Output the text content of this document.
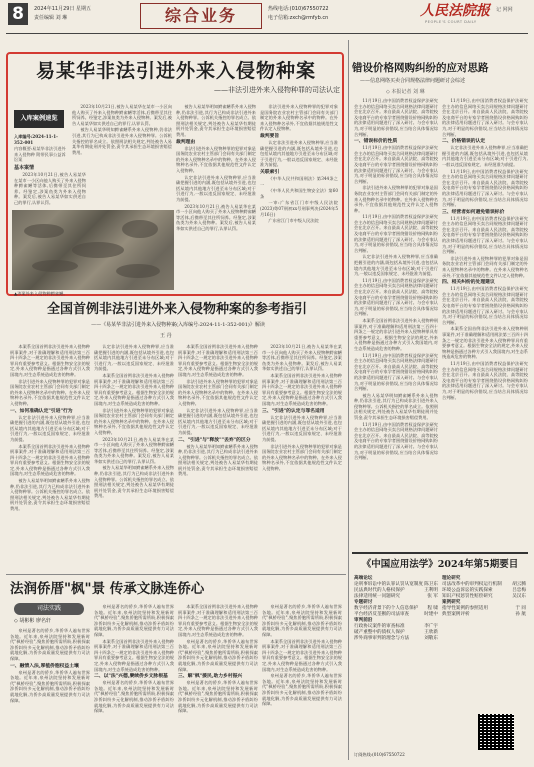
8	2024年11月29日 星期五
责任编辑 刘 琳	综合业务	热线电话:(010)67550722
电子信箱:zxch@rmfyb.cn	人民法院报 记 网网
PEOPLE'S COURT DAILY
易某华非法引进外来入侵物种案
——非法引进外来入侵物种罪的司法认定
入库案例速览
入库编号:2024-11-1-352-001
内容概要:易某华非法引进外来入侵物种 附带民事公益诉讼案
基本案情

2023年10月21日,被告人易某华在某市一小区向他人购买了外来入侵物种鳄雀鳝等活体,后携带至其住所饲养。经鉴定,涉案鱼类为外来入侵物种。案发后,被告人易某华如实供述自己的罪行,认罪认罚。

2023年10月21日,被告人易某华在某市一小区向他人购买了外来入侵物种鳄雀鳝等活体,后携带至其住所饲养。经鉴定,涉案鱼类为外来入侵物种。案发后,被告人易某华如实供述自己的罪行,认罪认罚。

被告人易某华明知鳄雀鳝系外来入侵物种,仍非法引进,其行为已构成非法引进外来入侵物种罪。公诉机关指控的罪名成立。依照刑法相关规定,判处被告人易某华有期徒刑并处罚金,责令其承担生态环境损害赔偿费用。

被告人易某华明知鳄雀鳝系外来入侵物种,仍非法引进,其行为已构成非法引进外来入侵物种罪。公诉机关指控的罪名成立。依照刑法相关规定,判处被告人易某华有期徒刑并处罚金,责令其承担生态环境损害赔偿费用。

裁判理由

非法引进外来入侵物种罪的犯罪对象是国务院农业农村主管部门会同有关部门制定的外来入侵物种名录中的物种。在外来入侵物种名录外,不宜依据其他规范性文件认定入侵物种。

认定非法引进外来入侵物种罪,应当准确把握引进的内涵,既包括从境外引进,也包括从境内其他地方引进至未分布区域;对于引进行为,一般以违反国家规定、未经批准为前提。

2023年10月21日,被告人易某华在某市一小区向他人购买了外来入侵物种鳄雀鳝等活体,后携带至其住所饲养。经鉴定,涉案鱼类为外来入侵物种。案发后,被告人易某华如实供述自己的罪行,认罪认罚。

非法引进外来入侵物种罪的犯罪对象是国务院农业农村主管部门会同有关部门制定的外来入侵物种名录中的物种。在外来入侵物种名录外,不宜依据其他规范性文件认定入侵物种。

裁判要旨

认定非法引进外来入侵物种罪,应当准确把握引进的内涵,既包括从境外引进,也包括从境内其他地方引进至未分布区域;对于引进行为,一般以违反国家规定、未经批准为前提。

关联索引

《中华人民共和国刑法》第344条之一

《中华人民共和国生物安全法》第60条

一审:广东省江门市中级人民法院(2023)粤07刑初xx号刑事判决(2024年5月16日)

广东省江门市中级人民法院

▲涉案外来入侵物种鳄雀鳝。
全国首例非法引进外来入侵物种案的参考指引
——《易某华非法引进外来入侵物种案(入库编号:2024-11-1-352-001)》解读
王 丹

本案系全国首例非法引进外来入侵物种刑事案件,对于准确理解和适用刑法第三百四十四条之一规定的非法引进外来入侵物种罪具有重要参考意义。根据生物安全法的规定,外来入侵物种是指通过各种方式引入我国境内,对生态系统造成危害的物种。

非法引进外来入侵物种罪的犯罪对象是国务院农业农村主管部门会同有关部门制定的外来入侵物种名录中的物种。在外来入侵物种名录外,不宜依据其他规范性文件认定入侵物种。

一、如何准确认定"引进"行为

认定非法引进外来入侵物种罪,应当准确把握引进的内涵,既包括从境外引进,也包括从境内其他地方引进至未分布区域;对于引进行为,一般以违反国家规定、未经批准为前提。

本案系全国首例非法引进外来入侵物种刑事案件,对于准确理解和适用刑法第三百四十四条之一规定的非法引进外来入侵物种罪具有重要参考意义。根据生物安全法的规定,外来入侵物种是指通过各种方式引入我国境内,对生态系统造成危害的物种。

被告人易某华明知鳄雀鳝系外来入侵物种,仍非法引进,其行为已构成非法引进外来入侵物种罪。公诉机关指控的罪名成立。依照刑法相关规定,判处被告人易某华有期徒刑并处罚金,责令其承担生态环境损害赔偿费用。

认定非法引进外来入侵物种罪,应当准确把握引进的内涵,既包括从境外引进,也包括从境内其他地方引进至未分布区域;对于引进行为,一般以违反国家规定、未经批准为前提。

本案系全国首例非法引进外来入侵物种刑事案件,对于准确理解和适用刑法第三百四十四条之一规定的非法引进外来入侵物种罪具有重要参考意义。根据生物安全法的规定,外来入侵物种是指通过各种方式引入我国境内,对生态系统造成危害的物种。

非法引进外来入侵物种罪的犯罪对象是国务院农业农村主管部门会同有关部门制定的外来入侵物种名录中的物种。在外来入侵物种名录外,不宜依据其他规范性文件认定入侵物种。

2023年10月21日,被告人易某华在某市一小区向他人购买了外来入侵物种鳄雀鳝等活体,后携带至其住所饲养。经鉴定,涉案鱼类为外来入侵物种。案发后,被告人易某华如实供述自己的罪行,认罪认罚。

被告人易某华明知鳄雀鳝系外来入侵物种,仍非法引进,其行为已构成非法引进外来入侵物种罪。公诉机关指控的罪名成立。依照刑法相关规定,判处被告人易某华有期徒刑并处罚金,责令其承担生态环境损害赔偿费用。

本案系全国首例非法引进外来入侵物种刑事案件,对于准确理解和适用刑法第三百四十四条之一规定的非法引进外来入侵物种罪具有重要参考意义。根据生物安全法的规定,外来入侵物种是指通过各种方式引入我国境内,对生态系统造成危害的物种。

非法引进外来入侵物种罪的犯罪对象是国务院农业农村主管部门会同有关部门制定的外来入侵物种名录中的物种。在外来入侵物种名录外,不宜依据其他规范性文件认定入侵物种。

认定非法引进外来入侵物种罪,应当准确把握引进的内涵,既包括从境外引进,也包括从境内其他地方引进至未分布区域;对于引进行为,一般以违反国家规定、未经批准为前提。

二、"引进"与"释放""丢弃"的区分

被告人易某华明知鳄雀鳝系外来入侵物种,仍非法引进,其行为已构成非法引进外来入侵物种罪。公诉机关指控的罪名成立。依照刑法相关规定,判处被告人易某华有期徒刑并处罚金,责令其承担生态环境损害赔偿费用。

2023年10月21日,被告人易某华在某市一小区向他人购买了外来入侵物种鳄雀鳝等活体,后携带至其住所饲养。经鉴定,涉案鱼类为外来入侵物种。案发后,被告人易某华如实供述自己的罪行,认罪认罚。

本案系全国首例非法引进外来入侵物种刑事案件,对于准确理解和适用刑法第三百四十四条之一规定的非法引进外来入侵物种罪具有重要参考意义。根据生物安全法的规定,外来入侵物种是指通过各种方式引入我国境内,对生态系统造成危害的物种。

三、"引进"的认定与罪名适用

认定非法引进外来入侵物种罪,应当准确把握引进的内涵,既包括从境外引进,也包括从境内其他地方引进至未分布区域;对于引进行为,一般以违反国家规定、未经批准为前提。

非法引进外来入侵物种罪的犯罪对象是国务院农业农村主管部门会同有关部门制定的外来入侵物种名录中的物种。在外来入侵物种名录外,不宜依据其他规范性文件认定入侵物种。

法润侨厝"枫"景 传承文脉连侨心
司法实践
◇ 胡彬彬 廖名轩

泉州是著名的侨乡,华侨华人遍布世界各地。近年来,泉州法院坚持和发展新时代"枫桥经验",聚焦侨胞所需所盼,积极探索涉侨纠纷多元化解机制,推动涉侨矛盾纠纷就地化解,为侨乡高质量发展提供有力司法保障。

一、融情入法,厚植侨胞权益土壤

泉州是著名的侨乡,华侨华人遍布世界各地。近年来,泉州法院坚持和发展新时代"枫桥经验",聚焦侨胞所需所盼,积极探索涉侨纠纷多元化解机制,推动涉侨矛盾纠纷就地化解,为侨乡高质量发展提供有力司法保障。

泉州是著名的侨乡,华侨华人遍布世界各地。近年来,泉州法院坚持和发展新时代"枫桥经验",聚焦侨胞所需所盼,积极探索涉侨纠纷多元化解机制,推动涉侨矛盾纠纷就地化解,为侨乡高质量发展提供有力司法保障。

本案系全国首例非法引进外来入侵物种刑事案件,对于准确理解和适用刑法第三百四十四条之一规定的非法引进外来入侵物种罪具有重要参考意义。根据生物安全法的规定,外来入侵物种是指通过各种方式引入我国境内,对生态系统造成危害的物种。

二、以"法"兴德,赓续侨乡文脉根基

泉州是著名的侨乡,华侨华人遍布世界各地。近年来,泉州法院坚持和发展新时代"枫桥经验",聚焦侨胞所需所盼,积极探索涉侨纠纷多元化解机制,推动涉侨矛盾纠纷就地化解,为侨乡高质量发展提供有力司法保障。

本案系全国首例非法引进外来入侵物种刑事案件,对于准确理解和适用刑法第三百四十四条之一规定的非法引进外来入侵物种罪具有重要参考意义。根据生物安全法的规定,外来入侵物种是指通过各种方式引入我国境内,对生态系统造成危害的物种。

泉州是著名的侨乡,华侨华人遍布世界各地。近年来,泉州法院坚持和发展新时代"枫桥经验",聚焦侨胞所需所盼,积极探索涉侨纠纷多元化解机制,推动涉侨矛盾纠纷就地化解,为侨乡高质量发展提供有力司法保障。

三、解"枫"援民,助力乡村振兴

泉州是著名的侨乡,华侨华人遍布世界各地。近年来,泉州法院坚持和发展新时代"枫桥经验",聚焦侨胞所需所盼,积极探索涉侨纠纷多元化解机制,推动涉侨矛盾纠纷就地化解,为侨乡高质量发展提供有力司法保障。

泉州是著名的侨乡,华侨华人遍布世界各地。近年来,泉州法院坚持和发展新时代"枫桥经验",聚焦侨胞所需所盼,积极探索涉侨纠纷多元化解机制,推动涉侨矛盾纠纷就地化解,为侨乡高质量发展提供有力司法保障。

本案系全国首例非法引进外来入侵物种刑事案件,对于准确理解和适用刑法第三百四十四条之一规定的非法引进外来入侵物种罪具有重要参考意义。根据生物安全法的规定,外来入侵物种是指通过各种方式引入我国境内,对生态系统造成危害的物种。

泉州是著名的侨乡,华侨华人遍布世界各地。近年来,泉州法院坚持和发展新时代"枫桥经验",聚焦侨胞所需所盼,积极探索涉侨纠纷多元化解机制,推动涉侨矛盾纠纷就地化解,为侨乡高质量发展提供有力司法保障。

错设价格网购纠纷的应对思路
——信息网络买卖合同规格法律问题研讨会综述
◇ 本报记者 刘 琳

11月19日,由中国消费者权益保护法研究会主办的信息网络买卖合同规格法律问题研讨会在北京召开。来自最高人民法院、高等院校及电商平台的专家学者围绕错设价格网购纠纷的法律适用问题进行了深入研讨。与会专家认为,对于明显的标价错误,应当结合具体情况综合判断。

一、错误标价的性质

11月19日,由中国消费者权益保护法研究会主办的信息网络买卖合同规格法律问题研讨会在北京召开。来自最高人民法院、高等院校及电商平台的专家学者围绕错设价格网购纠纷的法律适用问题进行了深入研讨。与会专家认为,对于明显的标价错误,应当结合具体情况综合判断。

非法引进外来入侵物种罪的犯罪对象是国务院农业农村主管部门会同有关部门制定的外来入侵物种名录中的物种。在外来入侵物种名录外,不宜依据其他规范性文件认定入侵物种。

11月19日,由中国消费者权益保护法研究会主办的信息网络买卖合同规格法律问题研讨会在北京召开。来自最高人民法院、高等院校及电商平台的专家学者围绕错设价格网购纠纷的法律适用问题进行了深入研讨。与会专家认为,对于明显的标价错误,应当结合具体情况综合判断。

认定非法引进外来入侵物种罪,应当准确把握引进的内涵,既包括从境外引进,也包括从境内其他地方引进至未分布区域;对于引进行为,一般以违反国家规定、未经批准为前提。

11月19日,由中国消费者权益保护法研究会主办的信息网络买卖合同规格法律问题研讨会在北京召开。来自最高人民法院、高等院校及电商平台的专家学者围绕错设价格网购纠纷的法律适用问题进行了深入研讨。与会专家认为,对于明显的标价错误,应当结合具体情况综合判断。

本案系全国首例非法引进外来入侵物种刑事案件,对于准确理解和适用刑法第三百四十四条之一规定的非法引进外来入侵物种罪具有重要参考意义。根据生物安全法的规定,外来入侵物种是指通过各种方式引入我国境内,对生态系统造成危害的物种。

11月19日,由中国消费者权益保护法研究会主办的信息网络买卖合同规格法律问题研讨会在北京召开。来自最高人民法院、高等院校及电商平台的专家学者围绕错设价格网购纠纷的法律适用问题进行了深入研讨。与会专家认为,对于明显的标价错误,应当结合具体情况综合判断。

被告人易某华明知鳄雀鳝系外来入侵物种,仍非法引进,其行为已构成非法引进外来入侵物种罪。公诉机关指控的罪名成立。依照刑法相关规定,判处被告人易某华有期徒刑并处罚金,责令其承担生态环境损害赔偿费用。

11月19日,由中国消费者权益保护法研究会主办的信息网络买卖合同规格法律问题研讨会在北京召开。来自最高人民法院、高等院校及电商平台的专家学者围绕错设价格网购纠纷的法律适用问题进行了深入研讨。与会专家认为,对于明显的标价错误,应当结合具体情况综合判断。

11月19日,由中国消费者权益保护法研究会主办的信息网络买卖合同规格法律问题研讨会在北京召开。来自最高人民法院、高等院校及电商平台的专家学者围绕错设价格网购纠纷的法律适用问题进行了深入研讨。与会专家认为,对于明显的标价错误,应当结合具体情况综合判断。

二、价格错误的认定

认定非法引进外来入侵物种罪,应当准确把握引进的内涵,既包括从境外引进,也包括从境内其他地方引进至未分布区域;对于引进行为,一般以违反国家规定、未经批准为前提。

11月19日,由中国消费者权益保护法研究会主办的信息网络买卖合同规格法律问题研讨会在北京召开。来自最高人民法院、高等院校及电商平台的专家学者围绕错设价格网购纠纷的法律适用问题进行了深入研讨。与会专家认为,对于明显的标价错误,应当结合具体情况综合判断。

三、经营者如何避免错误标价

11月19日,由中国消费者权益保护法研究会主办的信息网络买卖合同规格法律问题研讨会在北京召开。来自最高人民法院、高等院校及电商平台的专家学者围绕错设价格网购纠纷的法律适用问题进行了深入研讨。与会专家认为,对于明显的标价错误,应当结合具体情况综合判断。

非法引进外来入侵物种罪的犯罪对象是国务院农业农村主管部门会同有关部门制定的外来入侵物种名录中的物种。在外来入侵物种名录外,不宜依据其他规范性文件认定入侵物种。

四、相关纠纷的处理建议

11月19日,由中国消费者权益保护法研究会主办的信息网络买卖合同规格法律问题研讨会在北京召开。来自最高人民法院、高等院校及电商平台的专家学者围绕错设价格网购纠纷的法律适用问题进行了深入研讨。与会专家认为,对于明显的标价错误,应当结合具体情况综合判断。

本案系全国首例非法引进外来入侵物种刑事案件,对于准确理解和适用刑法第三百四十四条之一规定的非法引进外来入侵物种罪具有重要参考意义。根据生物安全法的规定,外来入侵物种是指通过各种方式引入我国境内,对生态系统造成危害的物种。

11月19日,由中国消费者权益保护法研究会主办的信息网络买卖合同规格法律问题研讨会在北京召开。来自最高人民法院、高等院校及电商平台的专家学者围绕错设价格网购纠纷的法律适用问题进行了深入研讨。与会专家认为,对于明显的标价错误,应当结合具体情况综合判断。

《中国应用法学》2024年第5期要目
高端论坛
论刑事诉讼中的认罪认罚从宽制度 陈卫东
民法典时代的人格权保护	王利明
法律适用统一问题研究	张 军
专题研讨
数字经济背景下的个人信息保护 程 啸
平台经济反垄断的司法审查	时建中
审判前沿
行政协议案件的审查标准	李广宇
破产重整中的债权人保护	王欣新
涉外商事审判的理念与方法	刘敬东
理论研究
司法改革中的审判权运行机制 胡云腾
环境公益诉讼的实践探索	吕忠梅
知识产权惩罚性赔偿研究	吴汉东
案例研究
指导性案例的参照适用	于 同
典型案例评析	孙 航
订阅热线:(010)67550722
